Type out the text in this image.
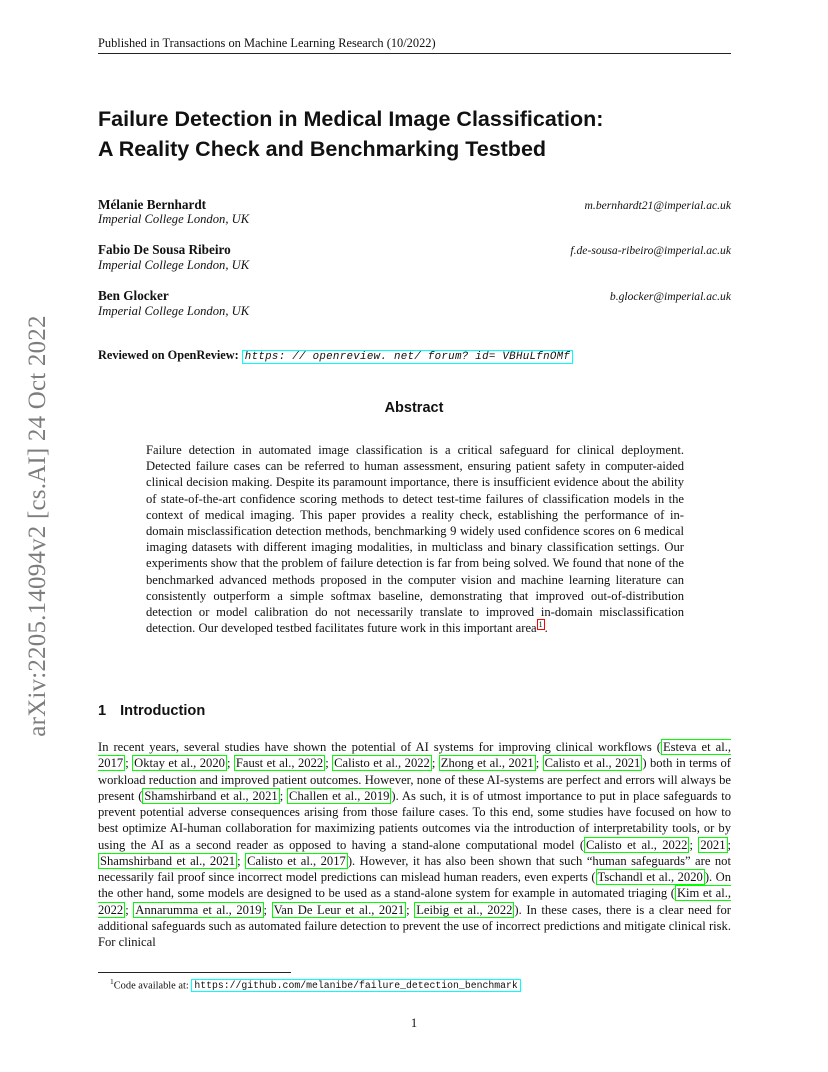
Published in Transactions on Machine Learning Research (10/2022)
arXiv:2205.14094v2 [cs.AI] 24 Oct 2022
Failure Detection in Medical Image Classification:
A Reality Check and Benchmarking Testbed
Mélanie Bernhardt	m.bernhardt21@imperial.ac.uk
Imperial College London, UK
Fabio De Sousa Ribeiro	f.de-sousa-ribeiro@imperial.ac.uk
Imperial College London, UK
Ben Glocker	b.glocker@imperial.ac.uk
Imperial College London, UK
Reviewed on OpenReview: https: // openreview. net/ forum? id= VBHuLfnOMf
Abstract
Failure detection in automated image classification is a critical safeguard for clinical deployment. Detected failure cases can be referred to human assessment, ensuring patient safety in computer-aided clinical decision making. Despite its paramount importance, there is insufficient evidence about the ability of state-of-the-art confidence scoring methods to detect test-time failures of classification models in the context of medical imaging. This paper provides a reality check, establishing the performance of in-domain misclassification detection methods, benchmarking 9 widely used confidence scores on 6 medical imaging datasets with different imaging modalities, in multiclass and binary classification settings. Our experiments show that the problem of failure detection is far from being solved. We found that none of the benchmarked advanced methods proposed in the computer vision and machine learning literature can consistently outperform a simple softmax baseline, demonstrating that improved out-of-distribution detection or model calibration do not necessarily translate to improved in-domain misclassification detection. Our developed testbed facilitates future work in this important area $^1$ .
1 Introduction
In recent years, several studies have shown the potential of AI systems for improving clinical workflows ( Esteva et al., 2017 ; Oktay et al., 2020 ; Faust et al., 2022 ; Calisto et al., 2022 ; Zhong et al., 2021 ; Calisto et al., 2021 ) both in terms of workload reduction and improved patient outcomes. However, none of these AI-systems are perfect and errors will always be present ( Shamshirband et al., 2021 ; Challen et al., 2019 ). As such, it is of utmost importance to put in place safeguards to prevent potential adverse consequences arising from those failure cases. To this end, some studies have focused on how to best optimize AI-human collaboration for maximizing patients outcomes via the introduction of interpretability tools, or by using the AI as a second reader as opposed to having a stand-alone computational model ( Calisto et al., 2022 ; 2021 ; Shamshirband et al., 2021 ; Calisto et al., 2017 ). However, it has also been shown that such “human safeguards” are not necessarily fail proof since incorrect model predictions can mislead human readers, even experts ( Tschandl et al., 2020 ). On the other hand, some models are designed to be used as a stand-alone system for example in automated triaging ( Kim et al., 2022 ; Annarumma et al., 2019 ; Van De Leur et al., 2021 ; Leibig et al., 2022 ). In these cases, there is a clear need for additional safeguards such as automated failure detection to prevent the use of incorrect predictions and mitigate clinical risk. For clinical
$^1$Code available at: https://github.com/melanibe/failure_detection_benchmark
1
